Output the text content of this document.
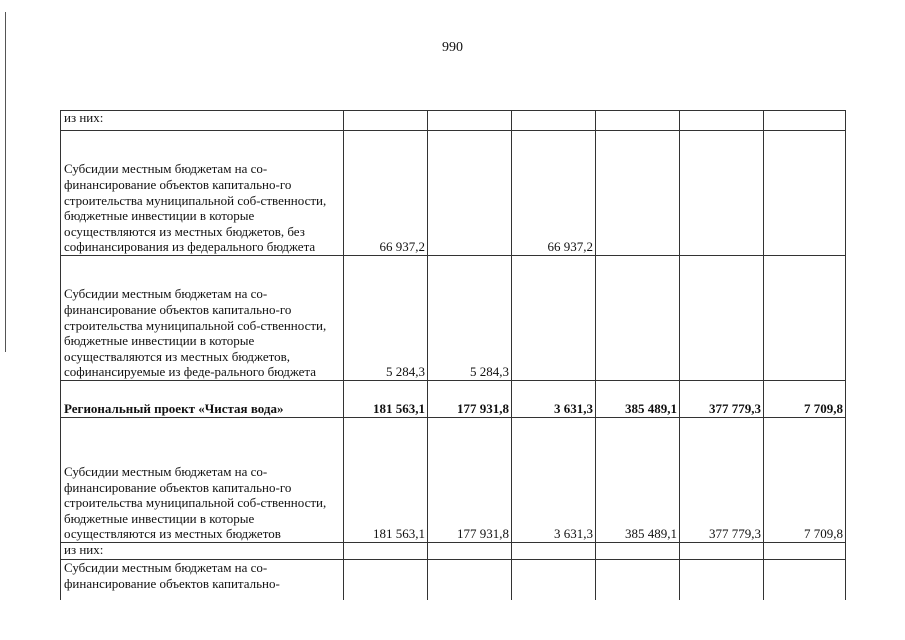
990
из них:						
Субсидии местным бюджетам на со-финансирование объектов капитально-го строительства муниципальной соб-ственности, бюджетные инвестиции в которые осуществляются из местных бюджетов, без софинансирования из федерального бюджета	66 937,2		66 937,2			
Субсидии местным бюджетам на со-финансирование объектов капитально-го строительства муниципальной соб-ственности, бюджетные инвестиции в которые осуществаляются из местных бюджетов, софинансируемые из феде-рального бюджета	5 284,3	5 284,3				
Региональный проект «Чистая вода»	181 563,1	177 931,8	3 631,3	385 489,1	377 779,3	7 709,8
Субсидии местным бюджетам на со-финансирование объектов капитально-го строительства муниципальной соб-ственности, бюджетные инвестиции в которые осуществляются из местных бюджетов	181 563,1	177 931,8	3 631,3	385 489,1	377 779,3	7 709,8
из них:						
Субсидии местным бюджетам на со-финансирование объектов капитально-						
